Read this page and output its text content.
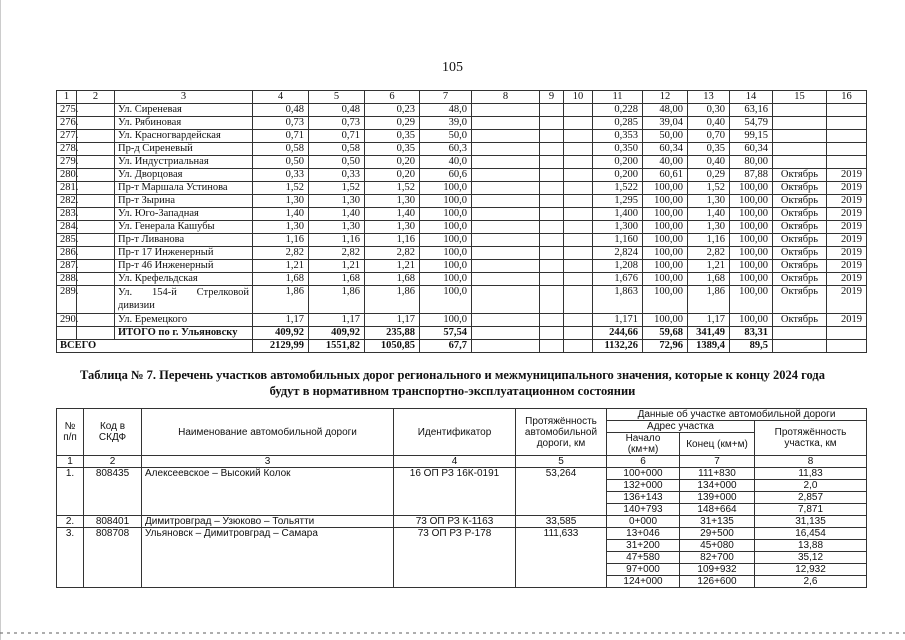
105
1	2	3	4	5	6	7	8	9	10	11	12	13	14	15	16
275.		Ул. Сиреневая	0,48	0,48	0,23	48,0				0,228	48,00	0,30	63,16		
276.		Ул. Рябиновая	0,73	0,73	0,29	39,0				0,285	39,04	0,40	54,79		
277.		Ул. Красногвардейская	0,71	0,71	0,35	50,0				0,353	50,00	0,70	99,15		
278.		Пр-д Сиреневый	0,58	0,58	0,35	60,3				0,350	60,34	0,35	60,34		
279.		Ул. Индустриальная	0,50	0,50	0,20	40,0				0,200	40,00	0,40	80,00		
280.		Ул. Дворцовая	0,33	0,33	0,20	60,6				0,200	60,61	0,29	87,88	Октябрь	2019
281.		Пр-т Маршала Устинова	1,52	1,52	1,52	100,0				1,522	100,00	1,52	100,00	Октябрь	2019
282.		Пр-т Зырина	1,30	1,30	1,30	100,0				1,295	100,00	1,30	100,00	Октябрь	2019
283.		Ул. Юго-Западная	1,40	1,40	1,40	100,0				1,400	100,00	1,40	100,00	Октябрь	2019
284.		Ул. Генерала Кашубы	1,30	1,30	1,30	100,0				1,300	100,00	1,30	100,00	Октябрь	2019
285.		Пр-т Ливанова	1,16	1,16	1,16	100,0				1,160	100,00	1,16	100,00	Октябрь	2019
286.		Пр-т 17 Инженерный	2,82	2,82	2,82	100,0				2,824	100,00	2,82	100,00	Октябрь	2019
287.		Пр-т 46 Инженерный	1,21	1,21	1,21	100,0				1,208	100,00	1,21	100,00	Октябрь	2019
288.		Ул. Крефельдская	1,68	1,68	1,68	100,0				1,676	100,00	1,68	100,00	Октябрь	2019
289.		Ул. 154-й Стрелковой дивизии	1,86	1,86	1,86	100,0				1,863	100,00	1,86	100,00	Октябрь	2019
290.		Ул. Еремецкого	1,17	1,17	1,17	100,0				1,171	100,00	1,17	100,00	Октябрь	2019
		ИТОГО по г. Ульяновску	409,92	409,92	235,88	57,54				244,66	59,68	341,49	83,31		
ВСЕГО			2129,99	1551,82	1050,85	67,7				1132,26	72,96	1389,4	89,5		
Таблица № 7. Перечень участков автомобильных дорог регионального и межмуниципального значения, которые к концу 2024 года
будут в нормативном транспортно-эксплуатационном состоянии
№ п/п	Код в СКДФ	Наименование автомобильной дороги	Идентификатор	Протяжённость автомобильной дороги, км	Данные об участке автомобильной дороги		
					Адрес участка		Протяжённость участка, км
					Начало (км+м)	Конец (км+м)	
1	2	3	4	5	6	7	8
1.	808435	Алексеевское – Высокий Колок	16 ОП РЗ 16К-0191	53,264	100+000	111+830	11,83
					132+000	134+000	2,0
					136+143	139+000	2,857
					140+793	148+664	7,871
2.	808401	Димитровград – Узюково – Тольятти	73 ОП РЗ К-1163	33,585	0+000	31+135	31,135
3.	808708	Ульяновск – Димитровград – Самара	73 ОП РЗ Р-178	111,633	13+046	29+500	16,454
					31+200	45+080	13,88
					47+580	82+700	35,12
					97+000	109+932	12,932
					124+000	126+600	2,6
